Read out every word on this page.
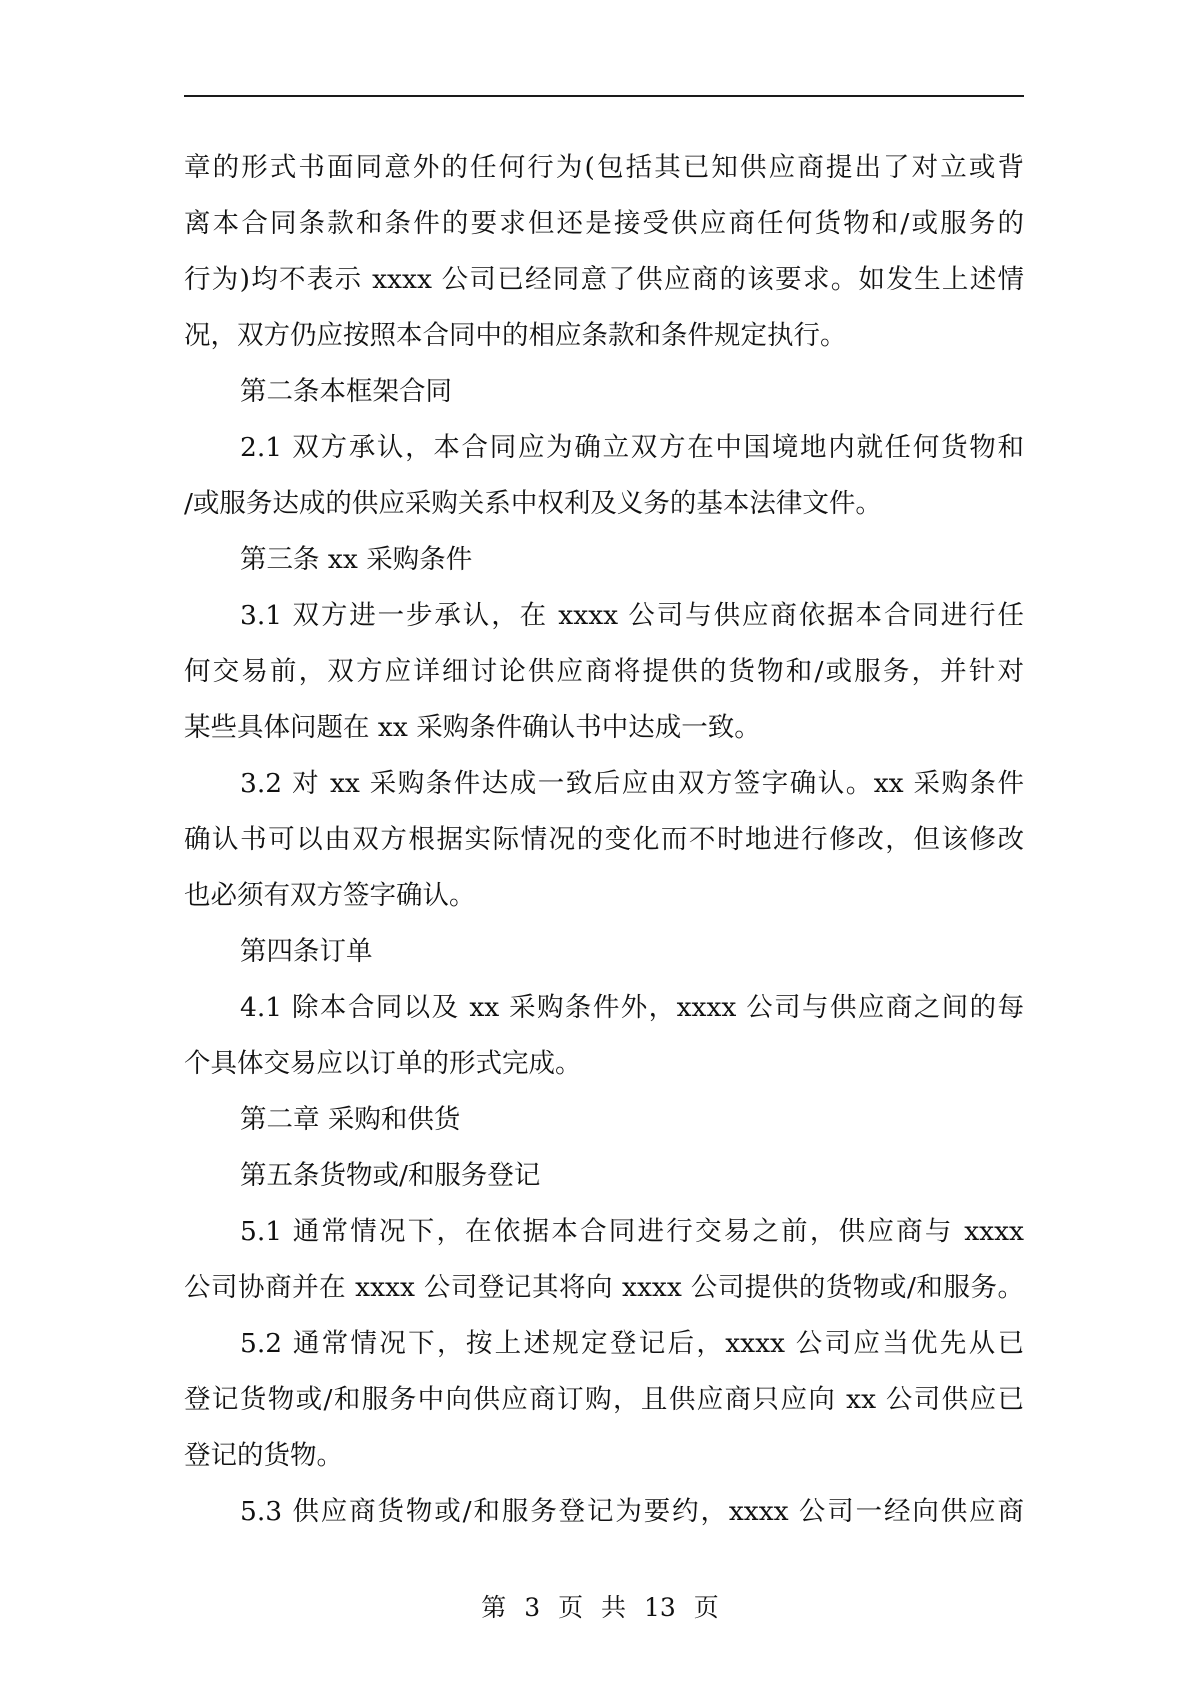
章的形式书面同意外的任何行为(包括其已知供应商提出了对立或背
离本合同条款和条件的要求但还是接受供应商任何货物和/或服务的
行为)均不表示 xxxx 公司已经同意了供应商的该要求。如发生上述情
况，双方仍应按照本合同中的相应条款和条件规定执行。
第二条本框架合同
2.1 双方承认，本合同应为确立双方在中国境地内就任何货物和
/或服务达成的供应采购关系中权利及义务的基本法律文件。
第三条 xx 采购条件
3.1 双方进一步承认，在 xxxx 公司与供应商依据本合同进行任
何交易前，双方应详细讨论供应商将提供的货物和/或服务，并针对
某些具体问题在 xx 采购条件确认书中达成一致。
3.2 对 xx 采购条件达成一致后应由双方签字确认。xx 采购条件
确认书可以由双方根据实际情况的变化而不时地进行修改，但该修改
也必须有双方签字确认。
第四条订单
4.1 除本合同以及 xx 采购条件外，xxxx 公司与供应商之间的每
个具体交易应以订单的形式完成。
第二章 采购和供货
第五条货物或/和服务登记
5.1 通常情况下，在依据本合同进行交易之前，供应商与 xxxx
公司协商并在 xxxx 公司登记其将向 xxxx 公司提供的货物或/和服务。
5.2 通常情况下，按上述规定登记后，xxxx 公司应当优先从已
登记货物或/和服务中向供应商订购，且供应商只应向 xx 公司供应已
登记的货物。
5.3 供应商货物或/和服务登记为要约，xxxx 公司一经向供应商
第 3 页 共 13 页
